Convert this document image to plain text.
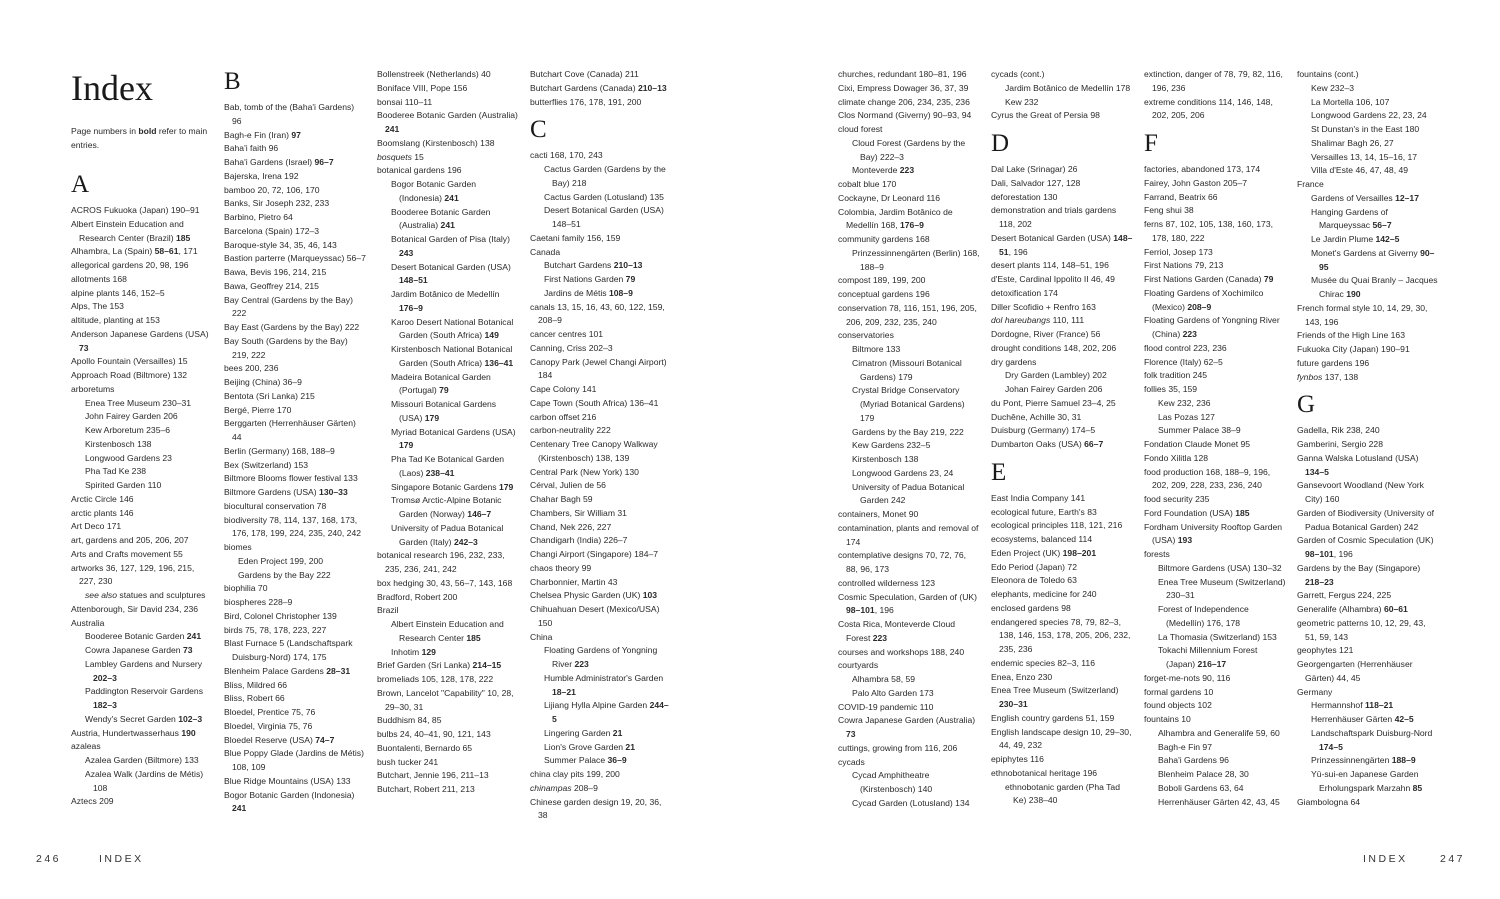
Index
Page numbers in bold refer to main entries.
A
ACROS Fukuoka (Japan) 190–91
Albert Einstein Education and Research Center (Brazil) 185
Alhambra, La (Spain) 58–61, 171
allegorical gardens 20, 98, 196
allotments 168
alpine plants 146, 152–5
Alps, The 153
altitude, planting at 153
Anderson Japanese Gardens (USA) 73
Apollo Fountain (Versailles) 15
Approach Road (Biltmore) 132
arboretums
Enea Tree Museum 230–31
John Fairey Garden 206
Kew Arboretum 235–6
Kirstenbosch 138
Longwood Gardens 23
Pha Tad Ke 238
Spirited Garden 110
Arctic Circle 146
arctic plants 146
Art Deco 171
art, gardens and 205, 206, 207
Arts and Crafts movement 55
artworks 36, 127, 129, 196, 215, 227, 230
see also statues and sculptures
Attenborough, Sir David 234, 236
Australia
Booderee Botanic Garden 241
Cowra Japanese Garden 73
Lambley Gardens and Nursery 202–3
Paddington Reservoir Gardens 182–3
Wendy's Secret Garden 102–3
Austria, Hundertwasserhaus 190
azaleas
Azalea Garden (Biltmore) 133
Azalea Walk (Jardins de Métis) 108
Aztecs 209
B
Bab, tomb of the (Baha'i Gardens) 96
Bagh-e Fin (Iran) 97
Baha'i faith 96
Baha'i Gardens (Israel) 96–7
Bajerska, Irena 192
bamboo 20, 72, 106, 170
Banks, Sir Joseph 232, 233
Barbino, Pietro 64
Barcelona (Spain) 172–3
Baroque-style 34, 35, 46, 143
Bastion parterre (Marqueyssac) 56–7
Bawa, Bevis 196, 214, 215
Bawa, Geoffrey 214, 215
Bay Central (Gardens by the Bay) 222
Bay East (Gardens by the Bay) 222
Bay South (Gardens by the Bay) 219, 222
bees 200, 236
Beijing (China) 36–9
Bentota (Sri Lanka) 215
Bergé, Pierre 170
Berggarten (Herrenhäuser Gärten) 44
Berlin (Germany) 168, 188–9
Bex (Switzerland) 153
Biltmore Blooms flower festival 133
Biltmore Gardens (USA) 130–33
biocultural conservation 78
biodiversity 78, 114, 137, 168, 173, 176, 178, 199, 224, 235, 240, 242
biomes
Eden Project 199, 200
Gardens by the Bay 222
biophilia 70
biospheres 228–9
Bird, Colonel Christopher 139
birds 75, 78, 178, 223, 227
Blast Furnace 5 (Landschaftspark Duisburg-Nord) 174, 175
Blenheim Palace Gardens 28–31
Bliss, Mildred 66
Bliss, Robert 66
Bloedel, Prentice 75, 76
Bloedel, Virginia 75, 76
Bloedel Reserve (USA) 74–7
Blue Poppy Glade (Jardins de Métis) 108, 109
Blue Ridge Mountains (USA) 133
Bogor Botanic Garden (Indonesia) 241
Bollenstreek (Netherlands) 40
Boniface VIII, Pope 156
bonsai 110–11
Booderee Botanic Garden (Australia) 241
Boomslang (Kirstenbosch) 138
bosquets 15
botanical gardens 196
Bogor Botanic Garden (Indonesia) 241
Booderee Botanic Garden (Australia) 241
Botanical Garden of Pisa (Italy) 243
Desert Botanical Garden (USA) 148–51
Jardim Botânico de Medellín 176–9
Karoo Desert National Botanical Garden (South Africa) 149
Kirstenbosch National Botanical Garden (South Africa) 136–41
Madeira Botanical Garden (Portugal) 79
Missouri Botanical Gardens (USA) 179
Myriad Botanical Gardens (USA) 179
Pha Tad Ke Botanical Garden (Laos) 238–41
Singapore Botanic Gardens 179
Tromsø Arctic-Alpine Botanic Garden (Norway) 146–7
University of Padua Botanical Garden (Italy) 242–3
botanical research 196, 232, 233, 235, 236, 241, 242
box hedging 30, 43, 56–7, 143, 168
Bradford, Robert 200
Brazil
Albert Einstein Education and Research Center 185
Inhotim 129
Brief Garden (Sri Lanka) 214–15
bromeliads 105, 128, 178, 222
Brown, Lancelot "Capability" 10, 28, 29–30, 31
Buddhism 84, 85
bulbs 24, 40–41, 90, 121, 143
Buontalenti, Bernardo 65
bush tucker 241
Butchart, Jennie 196, 211–13
Butchart, Robert 211, 213
Butchart Cove (Canada) 211
Butchart Gardens (Canada) 210–13
butterflies 176, 178, 191, 200
C
cacti 168, 170, 243
Cactus Garden (Gardens by the Bay) 218
Cactus Garden (Lotusland) 135
Desert Botanical Garden (USA) 148–51
Caetani family 156, 159
Canada
Butchart Gardens 210–13
First Nations Garden 79
Jardins de Métis 108–9
canals 13, 15, 16, 43, 60, 122, 159, 208–9
cancer centres 101
Canning, Criss 202–3
Canopy Park (Jewel Changi Airport) 184
Cape Colony 141
Cape Town (South Africa) 136–41
carbon offset 216
carbon-neutrality 222
Centenary Tree Canopy Walkway (Kirstenbosch) 138, 139
Central Park (New York) 130
Cérval, Julien de 56
Chahar Bagh 59
Chambers, Sir William 31
Chand, Nek 226, 227
Chandigarh (India) 226–7
Changi Airport (Singapore) 184–7
chaos theory 99
Charbonnier, Martin 43
Chelsea Physic Garden (UK) 103
Chihuahuan Desert (Mexico/USA) 150
China
Floating Gardens of Yongning River 223
Humble Administrator's Garden 18–21
Lijiang Hylla Alpine Garden 244–5
Lingering Garden 21
Lion's Grove Garden 21
Summer Palace 36–9
china clay pits 199, 200
chinampas 208–9
Chinese garden design 19, 20, 36, 38
churches, redundant 180–81, 196
Cixi, Empress Dowager 36, 37, 39
climate change 206, 234, 235, 236
Clos Normand (Giverny) 90–93, 94
cloud forest
Cloud Forest (Gardens by the Bay) 222–3
Monteverde 223
cobalt blue 170
Cockayne, Dr Leonard 116
Colombia, Jardim Botânico de Medellín 168, 176–9
community gardens 168
Prinzessinnengärten (Berlin) 168, 188–9
compost 189, 199, 200
conceptual gardens 196
conservation 78, 116, 151, 196, 205, 206, 209, 232, 235, 240
conservatories
Biltmore 133
Cimatron (Missouri Botanical Gardens) 179
Crystal Bridge Conservatory (Myriad Botanical Gardens) 179
Gardens by the Bay 219, 222
Kew Gardens 232–5
Kirstenbosch 138
Longwood Gardens 23, 24
University of Padua Botanical Garden 242
containers, Monet 90
contamination, plants and removal of 174
contemplative designs 70, 72, 76, 88, 96, 173
controlled wilderness 123
Cosmic Speculation, Garden of (UK) 98–101, 196
Costa Rica, Monteverde Cloud Forest 223
courses and workshops 188, 240
courtyards
Alhambra 58, 59
Palo Alto Garden 173
COVID-19 pandemic 110
Cowra Japanese Garden (Australia) 73
cuttings, growing from 116, 206
cycads
Cycad Amphitheatre (Kirstenbosch) 140
Cycad Garden (Lotusland) 134
cycads (cont.)
Jardim Botânico de Medellín 178
Kew 232
Cyrus the Great of Persia 98
D
Dal Lake (Srinagar) 26
Dali, Salvador 127, 128
deforestation 130
demonstration and trials gardens 118, 202
Desert Botanical Garden (USA) 148–51, 196
desert plants 114, 148–51, 196
d'Este, Cardinal Ippolito II 46, 49
detoxification 174
Diller Scofidio + Renfro 163
dol hareubangs 110, 111
Dordogne, River (France) 56
drought conditions 148, 202, 206
dry gardens
Dry Garden (Lambley) 202
Johan Fairey Garden 206
du Pont, Pierre Samuel 23–4, 25
Duchêne, Achille 30, 31
Duisburg (Germany) 174–5
Dumbarton Oaks (USA) 66–7
E
East India Company 141
ecological future, Earth's 83
ecological principles 118, 121, 216
ecosystems, balanced 114
Eden Project (UK) 198–201
Edo Period (Japan) 72
Eleonora de Toledo 63
elephants, medicine for 240
enclosed gardens 98
endangered species 78, 79, 82–3, 138, 146, 153, 178, 205, 206, 232, 235, 236
endemic species 82–3, 116
Enea, Enzo 230
Enea Tree Museum (Switzerland) 230–31
English country gardens 51, 159
English landscape design 10, 29–30, 44, 49, 232
epiphytes 116
ethnobotanical heritage 196
ethnobotanic garden (Pha Tad Ke) 238–40
extinction, danger of 78, 79, 82, 116, 196, 236
extreme conditions 114, 146, 148, 202, 205, 206
F
factories, abandoned 173, 174
Fairey, John Gaston 205–7
Farrand, Beatrix 66
Feng shui 38
ferns 87, 102, 105, 138, 160, 173, 178, 180, 222
Ferriol, Josep 173
First Nations 79, 213
First Nations Garden (Canada) 79
Floating Gardens of Xochimilco (Mexico) 208–9
Floating Gardens of Yongning River (China) 223
flood control 223, 236
Florence (Italy) 62–5
folk tradition 245
follies 35, 159
Kew 232, 236
Las Pozas 127
Summer Palace 38–9
Fondation Claude Monet 95
Fondo Xilitla 128
food production 168, 188–9, 196, 202, 209, 228, 233, 236, 240
food security 235
Ford Foundation (USA) 185
Fordham University Rooftop Garden (USA) 193
forests
Biltmore Gardens (USA) 130–32
Enea Tree Museum (Switzerland) 230–31
Forest of Independence (Medellín) 176, 178
La Thomasia (Switzerland) 153
Tokachi Millennium Forest (Japan) 216–17
forget-me-nots 90, 116
formal gardens 10
found objects 102
fountains 10
Alhambra and Generalife 59, 60
Bagh-e Fin 97
Baha'i Gardens 96
Blenheim Palace 28, 30
Boboli Gardens 63, 64
Herrenhäuser Gärten 42, 43, 45
fountains (cont.)
Kew 232–3
La Mortella 106, 107
Longwood Gardens 22, 23, 24
St Dunstan's in the East 180
Shalimar Bagh 26, 27
Versailles 13, 14, 15–16, 17
Villa d'Este 46, 47, 48, 49
France
Gardens of Versailles 12–17
Hanging Gardens of Marqueyssac 56–7
Le Jardin Plume 142–5
Monet's Gardens at Giverny 90–95
Musée du Quai Branly – Jacques Chirac 190
French formal style 10, 14, 29, 30, 143, 196
Friends of the High Line 163
Fukuoka City (Japan) 190–91
future gardens 196
fynbos 137, 138
G
Gadella, Rik 238, 240
Gamberini, Sergio 228
Ganna Walska Lotusland (USA) 134–5
Gansevoort Woodland (New York City) 160
Garden of Biodiversity (University of Padua Botanical Garden) 242
Garden of Cosmic Speculation (UK) 98–101, 196
Gardens by the Bay (Singapore) 218–23
Garrett, Fergus 224, 225
Generalife (Alhambra) 60–61
geometric patterns 10, 12, 29, 43, 51, 59, 143
geophytes 121
Georgengarten (Herrenhäuser Gärten) 44, 45
Germany
Hermannshof 118–21
Herrenhäuser Gärten 42–5
Landschaftspark Duisburg-Nord 174–5
Prinzessinnengärten 188–9
Yū-sui-en Japanese Garden Erholungspark Marzahn 85
Giambologna 64
246	INDEX	INDEX	247
